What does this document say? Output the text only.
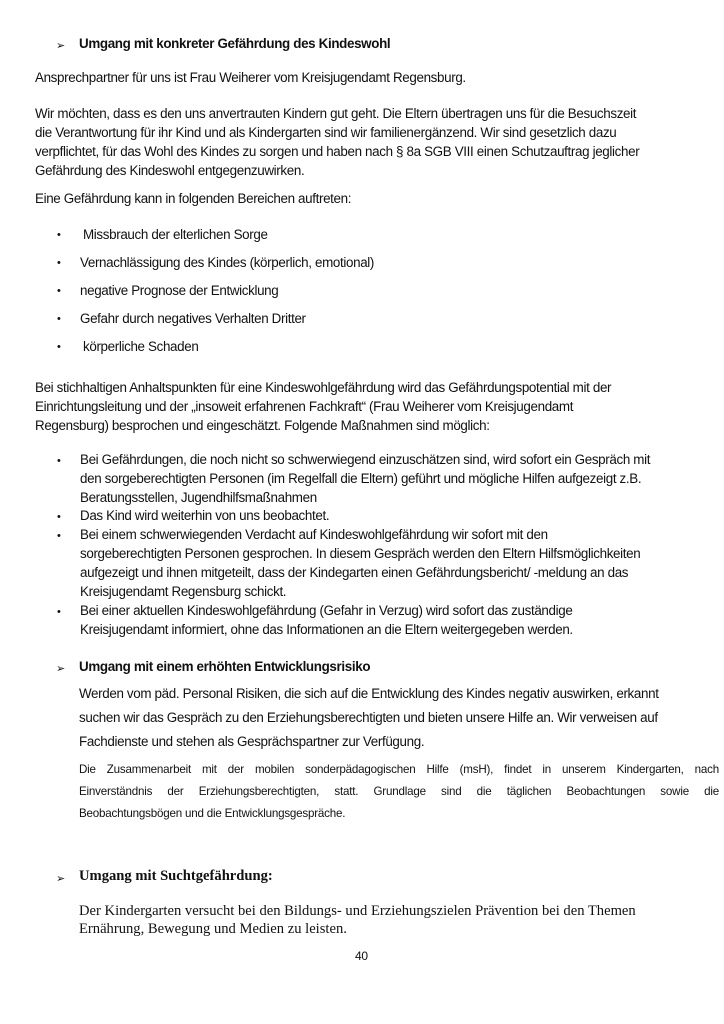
➢ Umgang mit konkreter Gefährdung des Kindeswohl
Ansprechpartner für uns ist Frau Weiherer vom Kreisjugendamt Regensburg.
Wir möchten, dass es den uns anvertrauten Kindern gut geht. Die Eltern übertragen uns für die Besuchszeit
die Verantwortung für ihr Kind und als Kindergarten sind wir familienergänzend. Wir sind gesetzlich dazu
verpflichtet, für das Wohl des Kindes zu sorgen und haben nach § 8a SGB VIII einen Schutzauftrag jeglicher
Gefährdung des Kindeswohl entgegenzuwirken.
Eine Gefährdung kann in folgenden Bereichen auftreten:
• Missbrauch der elterlichen Sorge
• Vernachlässigung des Kindes (körperlich, emotional)
• negative Prognose der Entwicklung
• Gefahr durch negatives Verhalten Dritter
• körperliche Schaden
Bei stichhaltigen Anhaltspunkten für eine Kindeswohlgefährdung wird das Gefährdungspotential mit der
Einrichtungsleitung und der „insoweit erfahrenen Fachkraft“ (Frau Weiherer vom Kreisjugendamt
Regensburg) besprochen und eingeschätzt. Folgende Maßnahmen sind möglich:
• Bei Gefährdungen, die noch nicht so schwerwiegend einzuschätzen sind, wird sofort ein Gespräch mit
den sorgeberechtigten Personen (im Regelfall die Eltern) geführt und mögliche Hilfen aufgezeigt z.B.
Beratungsstellen, Jugendhilfsmaßnahmen
• Das Kind wird weiterhin von uns beobachtet.
• Bei einem schwerwiegenden Verdacht auf Kindeswohlgefährdung wir sofort mit den
sorgeberechtigten Personen gesprochen. In diesem Gespräch werden den Eltern Hilfsmöglichkeiten
aufgezeigt und ihnen mitgeteilt, dass der Kindegarten einen Gefährdungsbericht/ -meldung an das
Kreisjugendamt Regensburg schickt.
• Bei einer aktuellen Kindeswohlgefährdung (Gefahr in Verzug) wird sofort das zuständige
Kreisjugendamt informiert, ohne das Informationen an die Eltern weitergegeben werden.
➢ Umgang mit einem erhöhten Entwicklungsrisiko
Werden vom päd. Personal Risiken, die sich auf die Entwicklung des Kindes negativ auswirken, erkannt
suchen wir das Gespräch zu den Erziehungsberechtigten und bieten unsere Hilfe an. Wir verweisen auf
Fachdienste und stehen als Gesprächspartner zur Verfügung.
Die Zusammenarbeit mit der mobilen sonderpädagogischen Hilfe (msH), findet in unserem Kindergarten, nach
Einverständnis der Erziehungsberechtigten, statt. Grundlage sind die täglichen Beobachtungen sowie die
Beobachtungsbögen und die Entwicklungsgespräche.
➢ Umgang mit Suchtgefährdung:
Der Kindergarten versucht bei den Bildungs- und Erziehungszielen Prävention bei den Themen
Ernährung, Bewegung und Medien zu leisten.
40
